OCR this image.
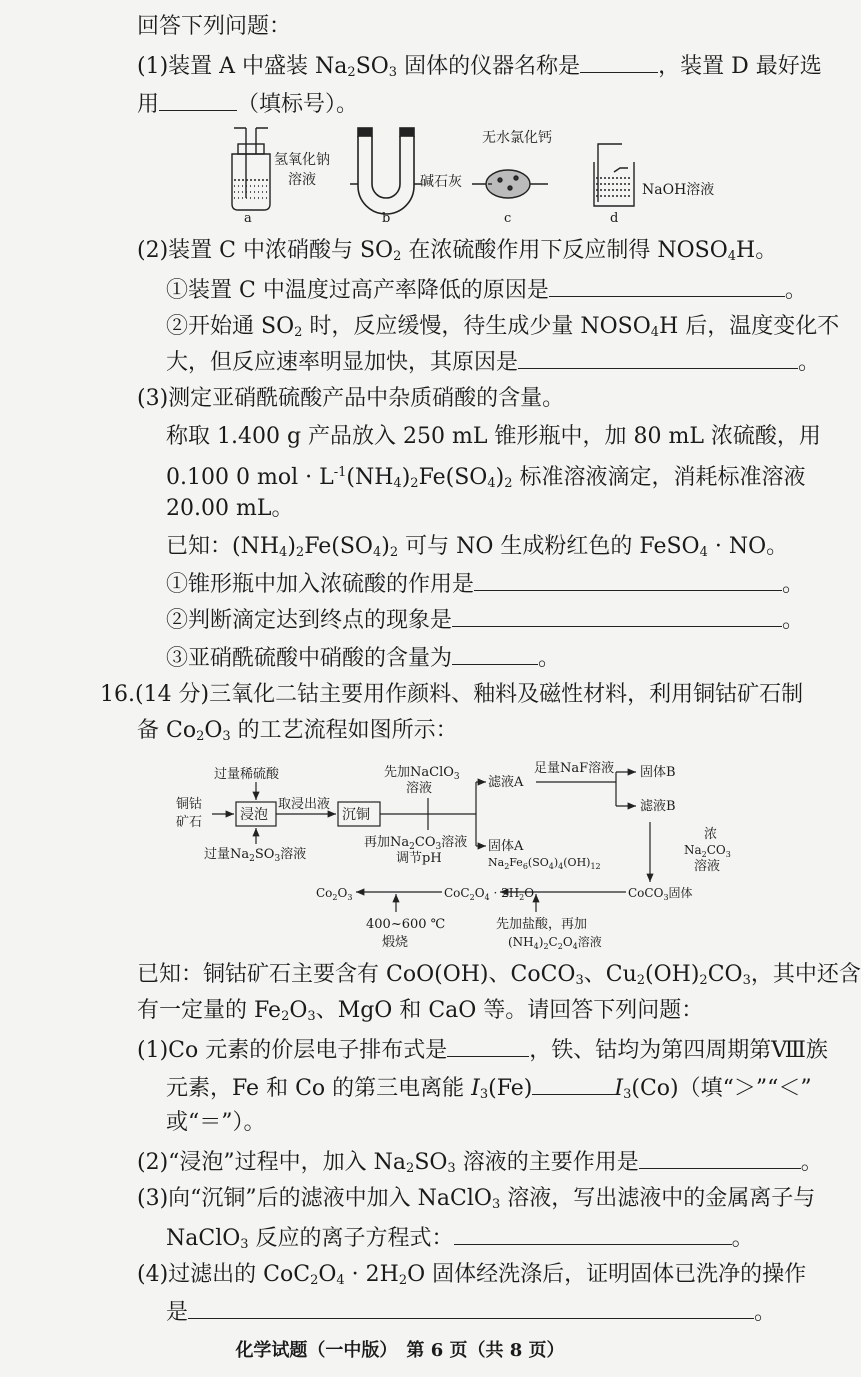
回答下列问题：
(1)装置 A 中盛装 $Na_2SO_3$ 固体的仪器名称是	，装置 D 最好选
用	（填标号）。
氢氧化钠
溶液
a
碱石灰
b
无水氯化钙
c
NaOH溶液
d
(2)装置 C 中浓硝酸与 $SO_2$ 在浓硫酸作用下反应制得 $NOSO_4H$。
①装置 C 中温度过高产率降低的原因是	。
②开始通 $SO_2$ 时，反应缓慢，待生成少量 $NOSO_4H$ 后，温度变化不
大，但反应速率明显加快，其原因是	。
(3)测定亚硝酰硫酸产品中杂质硝酸的含量。
称取 1.400 g 产品放入 250 mL 锥形瓶中，加 80 mL 浓硫酸，用
0.100 0 mol · $L^{-1}(NH_4)_2Fe(SO_4)_2$ 标准溶液滴定，消耗标准溶液
20.00 mL。
已知：$(NH_4)_2Fe(SO_4)_2$ 可与 NO 生成粉红色的 FeSO$_4$ · NO。
①锥形瓶中加入浓硫酸的作用是	。
②判断滴定达到终点的现象是	。
③亚硝酰硫酸中硝酸的含量为	。
16.(14 分)三氧化二钴主要用作颜料、釉料及磁性材料，利用铜钴矿石制
备 $Co_2O_3$ 的工艺流程如图所示：
铜钴
矿石
过量稀硫酸
浸泡
过量$Na_2SO_3$溶液
取浸出液
沉铜
先加NaClO$_3$
溶液
再加$Na_2CO_3$溶液
调节pH
滤液A
固体A
$Na_2Fe_6(SO_4)_4(OH)_{12}$
足量NaF溶液 固体B
滤液B
浓
$Na_2CO_3$
溶液
CoCO$_3$固体
$CoC_2O_4 \cdot 2H_2O$
$Co_2O_3$
400~600 ℃
煅烧
先加盐酸，再加
$(NH_4)_2C_2O_4$溶液
已知：铜钴矿石主要含有 CoO(OH)、CoCO$_3$、$Cu_2(OH)_2CO_3$，其中还含
有一定量的 $Fe_2O_3$、MgO 和 CaO 等。请回答下列问题：
(1)Co 元素的价层电子排布式是	，铁、钴均为第四周期第Ⅷ族
元素，Fe 和 Co 的第三电离能 $I_3(Fe)$	$I_3(Co)$（填“＞”“＜”
或“＝”）。
(2)“浸泡”过程中，加入 $Na_2SO_3$ 溶液的主要作用是	。
(3)向“沉铜”后的滤液中加入 NaClO$_3$ 溶液，写出滤液中的金属离子与
NaClO$_3$ 反应的离子方程式：	。
(4)过滤出的 $CoC_2O_4 \cdot 2H_2O$ 固体经洗涤后，证明固体已洗净的操作
是	。
化学试题（一中版）　第 6 页（共 8 页）
